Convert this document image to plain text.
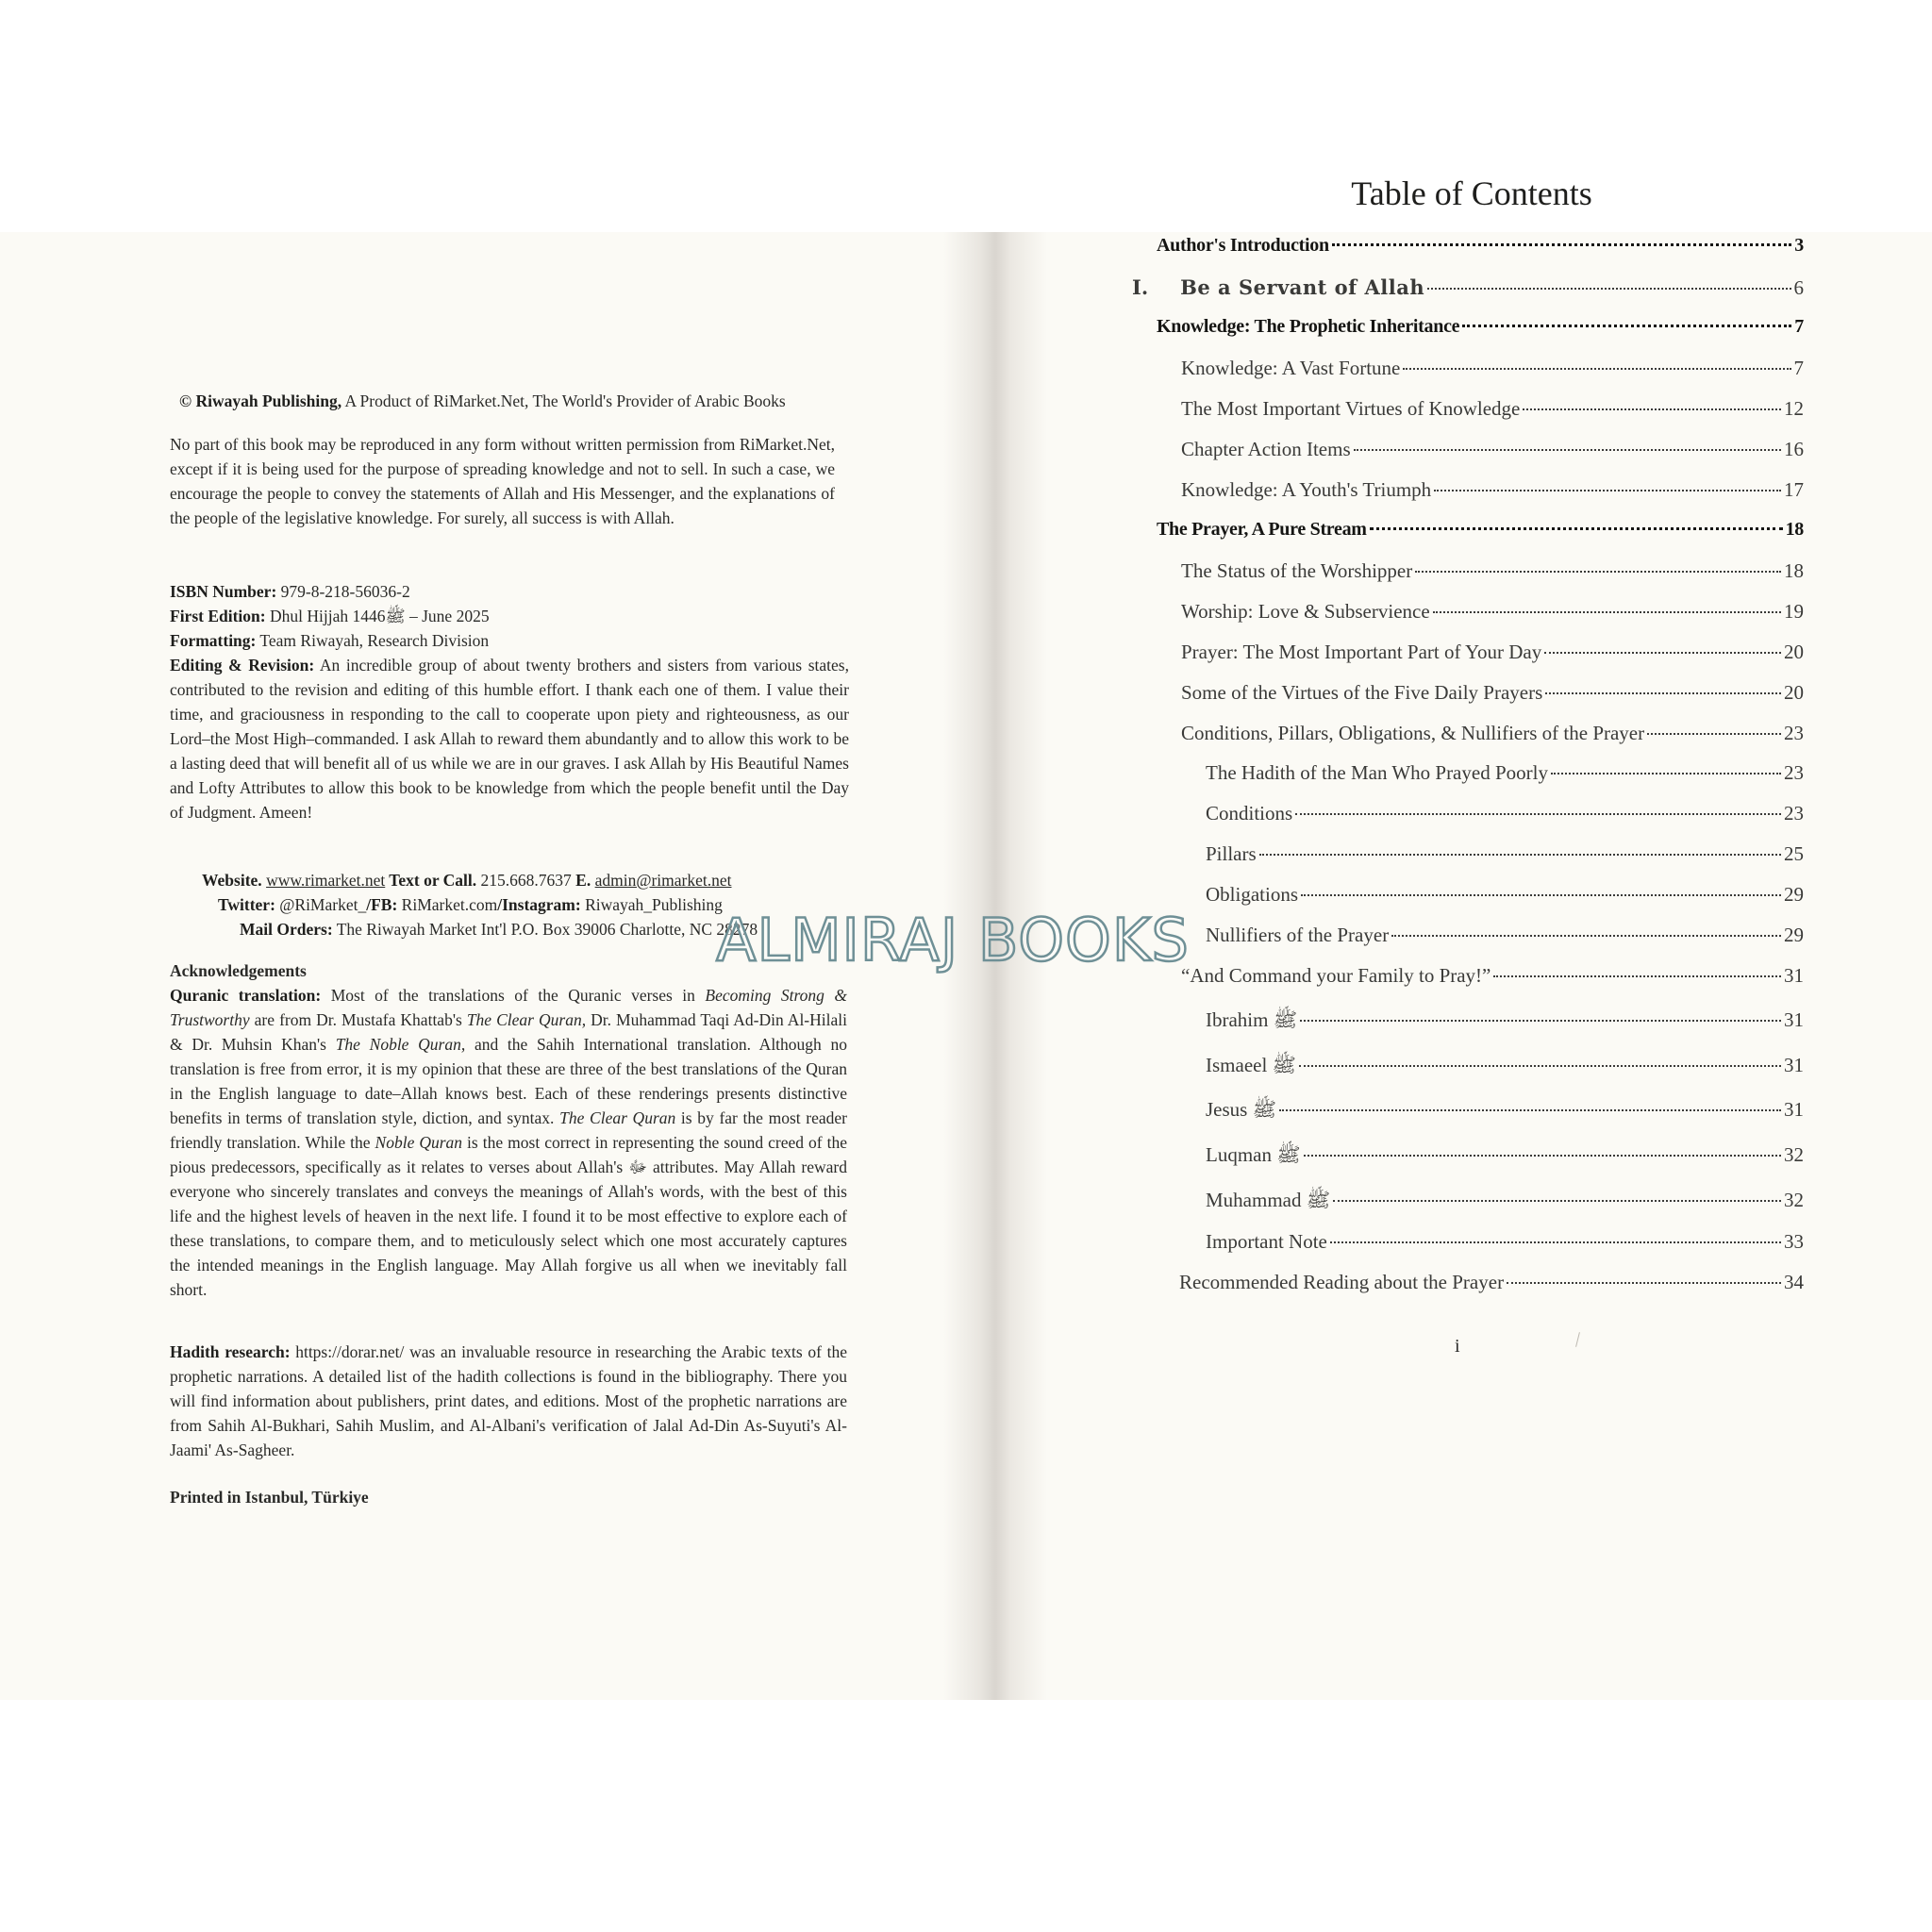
© Riwayah Publishing, A Product of RiMarket.Net, The World's Provider of Arabic Books

No part of this book may be reproduced in any form without written permission from RiMarket.Net, except if it is being used for the purpose of spreading knowledge and not to sell. In such a case, we encourage the people to convey the statements of Allah and His Messenger, and the explanations of the people of the legislative knowledge. For surely, all success is with Allah.

ISBN Number: 979-8-218-56036-2

First Edition: Dhul Hijjah ﷺ1446 – June 2025

Formatting: Team Riwayah, Research Division

Editing & Revision: An incredible group of about twenty brothers and sisters from various states, contributed to the revision and editing of this humble effort. I thank each one of them. I value their time, and graciousness in responding to the call to cooperate upon piety and righteousness, as our Lord–the Most High–commanded. I ask Allah to reward them abundantly and to allow this work to be a lasting deed that will benefit all of us while we are in our graves. I ask Allah by His Beautiful Names and Lofty Attributes to allow this book to be knowledge from which the people benefit until the Day of Judgment. Ameen!

Website. www.rimarket.net Text or Call. 215.668.7637 E. admin@rimarket.net

Twitter: @RiMarket_/FB: RiMarket.com/Instagram: Riwayah_Publishing

Mail Orders: The Riwayah Market Int'l P.O. Box 39006 Charlotte, NC 28278

Acknowledgements

Quranic translation: Most of the translations of the Quranic verses in Becoming Strong & Trustworthy are from Dr. Mustafa Khattab's The Clear Quran, Dr. Muhammad Taqi Ad-Din Al-Hilali & Dr. Muhsin Khan's The Noble Quran, and the Sahih International translation. Although no translation is free from error, it is my opinion that these are three of the best translations of the Quran in the English language to date–Allah knows best. Each of these renderings presents distinctive benefits in terms of translation style, diction, and syntax. The Clear Quran is by far the most reader friendly translation. While the Noble Quran is the most correct in representing the sound creed of the pious predecessors, specifically as it relates to verses about Allah's ﷻ attributes. May Allah reward everyone who sincerely translates and conveys the meanings of Allah's words, with the best of this life and the highest levels of heaven in the next life. I found it to be most effective to explore each of these translations, to compare them, and to meticulously select which one most accurately captures the intended meanings in the English language. May Allah forgive us all when we inevitably fall short.

Hadith research: https://dorar.net/ was an invaluable resource in researching the Arabic texts of the prophetic narrations. A detailed list of the hadith collections is found in the bibliography. There you will find information about publishers, print dates, and editions. Most of the prophetic narrations are from Sahih Al-Bukhari, Sahih Muslim, and Al-Albani's verification of Jalal Ad-Din As-Suyuti's Al-Jaami' As-Sagheer.

Printed in Istanbul, Türkiye

Table of Contents
Author's Introduction	3
I. Be a Servant of Allah	6
Knowledge: The Prophetic Inheritance	7
Knowledge: A Vast Fortune	7
The Most Important Virtues of Knowledge	12
Chapter Action Items	16
Knowledge: A Youth's Triumph	17
The Prayer, A Pure Stream	18
The Status of the Worshipper	18
Worship: Love & Subservience	19
Prayer: The Most Important Part of Your Day	20
Some of the Virtues of the Five Daily Prayers	20
Conditions, Pillars, Obligations, & Nullifiers of the Prayer	23
The Hadith of the Man Who Prayed Poorly	23
Conditions	23
Pillars	25
Obligations	29
Nullifiers of the Prayer	29
“And Command your Family to Pray!”	31
Ibrahim ﷺ	31
Ismaeel ﷺ	31
Jesus ﷺ	31
Luqman ﷺ	32
Muhammad ﷺ	32
Important Note	33
Recommended Reading about the Prayer	34
i
ALMIRAJ BOOKS
